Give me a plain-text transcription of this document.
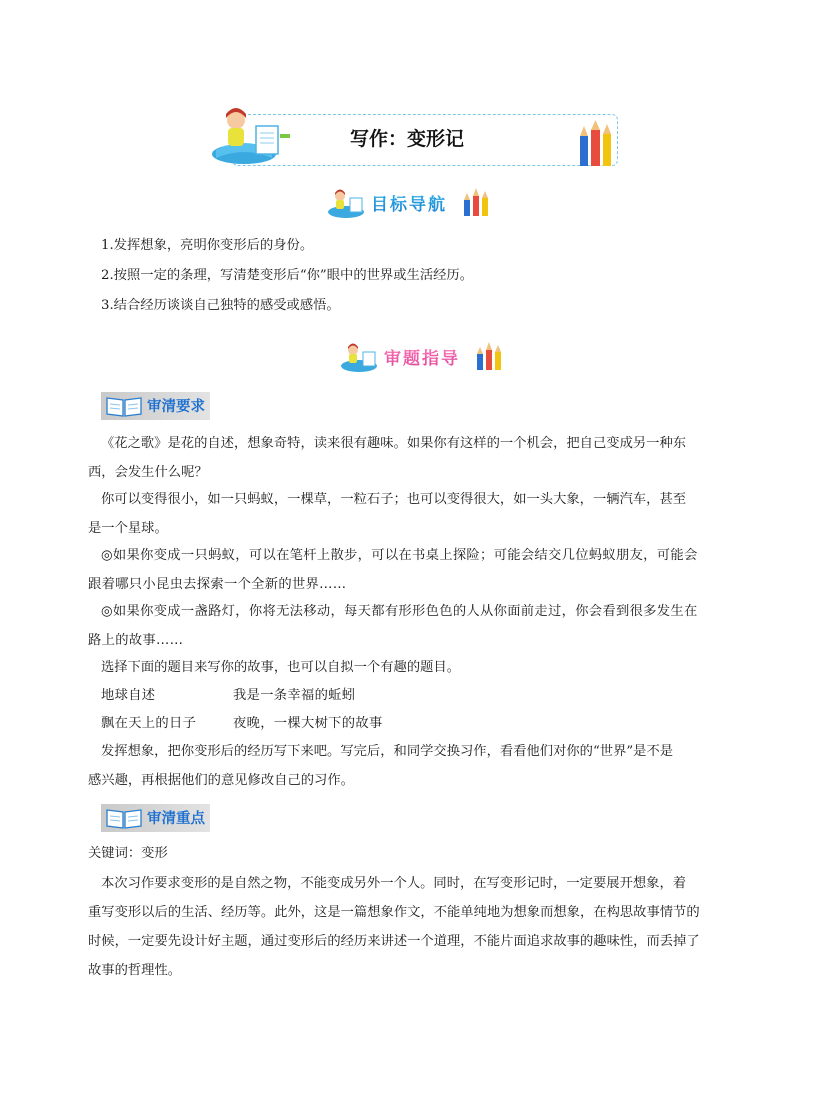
写作：变形记
目标导航
1.发挥想象，亮明你变形后的身份。
2.按照一定的条理，写清楚变形后“你”眼中的世界或生活经历。
3.结合经历谈谈自己独特的感受或感悟。
审题指导
审清要求
《花之歌》是花的自述，想象奇特，读来很有趣味。如果你有这样的一个机会，把自己变成另一种东
西，会发生什么呢？
你可以变得很小，如一只蚂蚁，一棵草，一粒石子；也可以变得很大，如一头大象，一辆汽车，甚至
是一个星球。
◎如果你变成一只蚂蚁，可以在笔杆上散步，可以在书桌上探险；可能会结交几位蚂蚁朋友，可能会
跟着哪只小昆虫去探索一个全新的世界……
◎如果你变成一盏路灯，你将无法移动，每天都有形形色色的人从你面前走过，你会看到很多发生在
路上的故事……
选择下面的题目来写你的故事，也可以自拟一个有趣的题目。
地球自述	我是一条幸福的蚯蚓
飘在天上的日子	夜晚，一棵大树下的故事
发挥想象，把你变形后的经历写下来吧。写完后，和同学交换习作，看看他们对你的“世界”是不是
感兴趣，再根据他们的意见修改自己的习作。
审清重点
关键词：变形
本次习作要求变形的是自然之物，不能变成另外一个人。同时，在写变形记时，一定要展开想象，着
重写变形以后的生活、经历等。此外，这是一篇想象作文，不能单纯地为想象而想象，在构思故事情节的
时候，一定要先设计好主题，通过变形后的经历来讲述一个道理，不能片面追求故事的趣味性，而丢掉了
故事的哲理性。
